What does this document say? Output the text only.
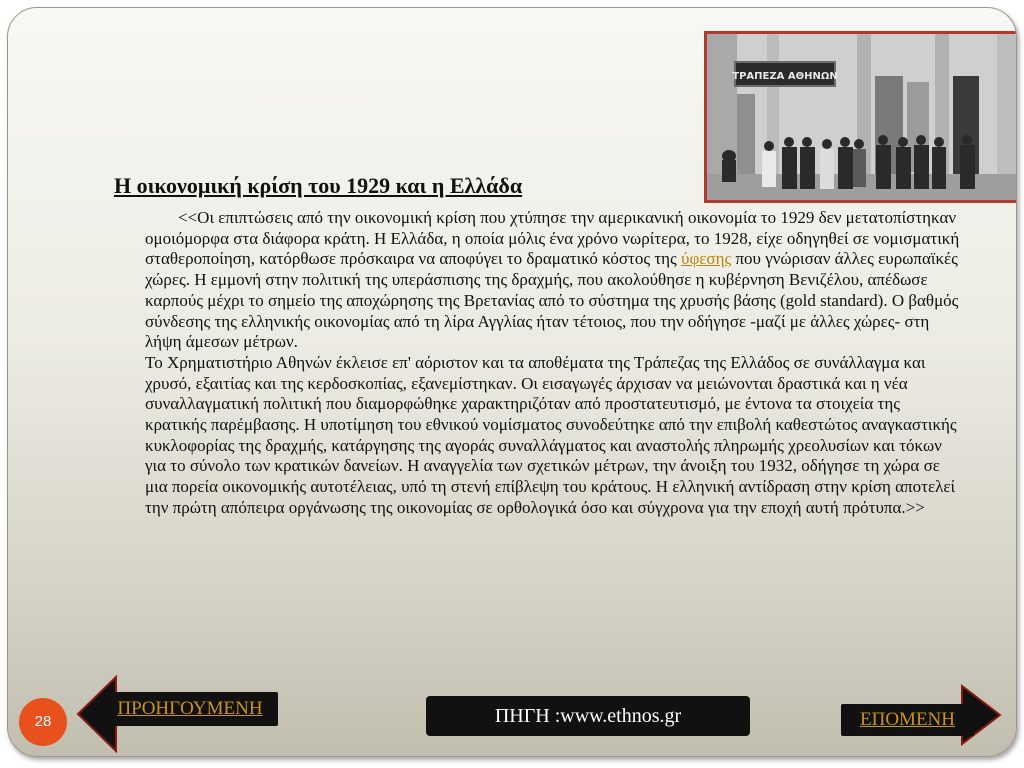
ΤΡΑΠΕΖΑ ΑΘΗΝΩΝ
Η οικονομική κρίση του 1929 και η Ελλάδα

<<Οι επιπτώσεις από την οικονομική κρίση που χτύπησε την αμερικανική οικονομία το 1929 δεν μετατοπίστηκαν ομοιόμορφα στα διάφορα κράτη. Η Ελλάδα, η οποία μόλις ένα χρόνο νωρίτερα, το 1928, είχε οδηγηθεί σε νομισματική σταθεροποίηση, κατόρθωσε πρόσκαιρα να αποφύγει το δραματικό κόστος της ύφεσης που γνώρισαν άλλες ευρωπαϊκές χώρες. Η εμμονή στην πολιτική της υπεράσπισης της δραχμής, που ακολούθησε η κυβέρνηση Βενιζέλου, απέδωσε καρπούς μέχρι το σημείο της αποχώρησης της Βρετανίας από το σύστημα της χρυσής βάσης (gold standard). Ο βαθμός σύνδεσης της ελληνικής οικονομίας από τη λίρα Αγγλίας ήταν τέτοιος, που την οδήγησε -μαζί με άλλες χώρες- στη λήψη άμεσων μέτρων.

Το Χρηματιστήριο Αθηνών έκλεισε επ' αόριστον και τα αποθέματα της Τράπεζας της Ελλάδος σε συνάλλαγμα και χρυσό, εξαιτίας και της κερδοσκοπίας, εξανεμίστηκαν. Οι εισαγωγές άρχισαν να μειώνονται δραστικά και η νέα συναλλαγματική πολιτική που διαμορφώθηκε χαρακτηριζόταν από προστατευτισμό, με έντονα τα στοιχεία της κρατικής παρέμβασης. Η υποτίμηση του εθνικού νομίσματος συνοδεύτηκε από την επιβολή καθεστώτος αναγκαστικής κυκλοφορίας της δραχμής, κατάργησης της αγοράς συναλλάγματος και αναστολής πληρωμής χρεολυσίων και τόκων για το σύνολο των κρατικών δανείων. Η αναγγελία των σχετικών μέτρων, την άνοιξη του 1932, οδήγησε τη χώρα σε μια πορεία οικονομικής αυτοτέλειας, υπό τη στενή επίβλεψη του κράτους. Η ελληνική αντίδραση στην κρίση αποτελεί την πρώτη απόπειρα οργάνωσης της οικονομίας σε ορθολογικά όσο και σύγχρονα για την εποχή αυτή πρότυπα.>>

28
ΠΡΟΗΓΟΥΜΕΝΗ	ΠΗΓΗ :www.ethnos.gr	ΕΠΟΜΕΝΗ
